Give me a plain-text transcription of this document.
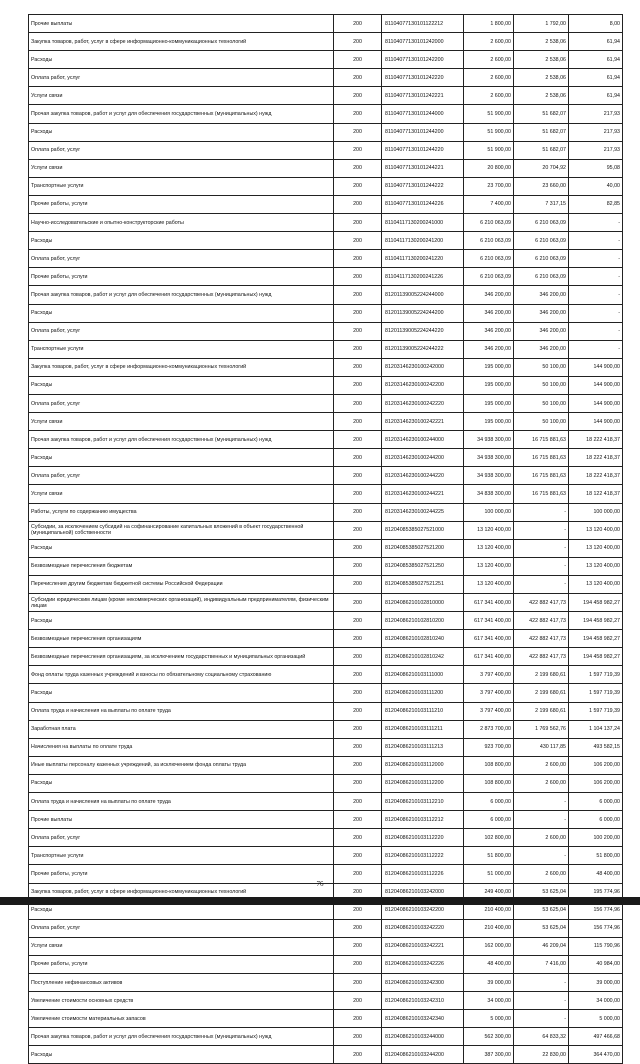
Прочие выплаты	200	81104077130101122212	1 800,00	1 792,00	8,00
Закупка товаров, работ, услуг в сфере информационно-коммуникационных технологий	200	81104077130101242000	2 600,00	2 538,06	61,94
Расходы	200	81104077130101242200	2 600,00	2 538,06	61,94
Оплата работ, услуг	200	81104077130101242220	2 600,00	2 538,06	61,94
Услуги связи	200	81104077130101242221	2 600,00	2 538,06	61,94
Прочая закупка товаров, работ и услуг для обеспечения государственных (муниципальных) нужд	200	81104077130101244000	51 900,00	51 682,07	217,93
Расходы	200	81104077130101244200	51 900,00	51 682,07	217,93
Оплата работ, услуг	200	81104077130101244220	51 900,00	51 682,07	217,93
Услуги связи	200	81104077130101244221	20 800,00	20 704,92	95,08
Транспортные услуги	200	81104077130101244222	23 700,00	23 660,00	40,00
Прочие работы, услуги	200	81104077130101244226	7 400,00	7 317,15	82,85
Научно-исследовательские и опытно-конструкторские работы	200	81104117130200241000	6 210 063,09	6 210 063,09	-
Расходы	200	81104117130200241200	6 210 063,09	6 210 063,09	-
Оплата работ, услуг	200	81104117130200241220	6 210 063,09	6 210 063,09	-
Прочие работы, услуги	200	81104117130200241226	6 210 063,09	6 210 063,09	-
Прочая закупка товаров, работ и услуг для обеспечения государственных (муниципальных) нужд	200	81201139005224244000	346 200,00	346 200,00	-
Расходы	200	81201139005224244200	346 200,00	346 200,00	-
Оплата работ, услуг	200	81201139005224244220	346 200,00	346 200,00	-
Транспортные услуги	200	81201139005224244222	346 200,00	346 200,00	-
Закупка товаров, работ, услуг в сфере информационно-коммуникационных технологий	200	81203146230100242000	195 000,00	50 100,00	144 900,00
Расходы	200	81203146230100242200	195 000,00	50 100,00	144 900,00
Оплата работ, услуг	200	81203146230100242220	195 000,00	50 100,00	144 900,00
Услуги связи	200	81203146230100242221	195 000,00	50 100,00	144 900,00
Прочая закупка товаров, работ и услуг для обеспечения государственных (муниципальных) нужд	200	81203146230100244000	34 938 300,00	16 715 881,63	18 222 418,37
Расходы	200	81203146230100244200	34 938 300,00	16 715 881,63	18 222 418,37
Оплата работ, услуг	200	81203146230100244220	34 938 300,00	16 715 881,63	18 222 418,37
Услуги связи	200	81203146230100244221	34 838 300,00	16 715 881,63	18 122 418,37
Работы, услуги по содержанию имущества	200	81203146230100244225	100 000,00	-	100 000,00
Субсидии, за исключением субсидий на софинансирование капитальных вложений в объект государственной (муниципальной) собственности	200	81204085385027521000	13 120 400,00	-	13 120 400,00
Расходы	200	81204085385027521200	13 120 400,00	-	13 120 400,00
Безвозмездные перечисления бюджетам	200	81204085385027521250	13 120 400,00	-	13 120 400,00
Перечисления другим бюджетам бюджетной системы Российской Федерации	200	81204085385027521251	13 120 400,00	-	13 120 400,00
Субсидии юридическим лицам (кроме некоммерческих организаций), индивидуальным предпринимателям, физическим лицам	200	81204086210102810000	617 341 400,00	422 882 417,73	194 458 982,27
Расходы	200	81204086210102810200	617 341 400,00	422 882 417,73	194 458 982,27
Безвозмездные перечисления организациям	200	81204086210102810240	617 341 400,00	422 882 417,73	194 458 982,27
Безвозмездные перечисления организациям, за исключением государственных и муниципальных организаций	200	81204086210102810242	617 341 400,00	422 882 417,73	194 458 982,27
Фонд оплаты труда казенных учреждений и взносы по обязательному социальному страхованию	200	81204086210103111000	3 797 400,00	2 199 680,61	1 597 719,39
Расходы	200	81204086210103111200	3 797 400,00	2 199 680,61	1 597 719,39
Оплата труда и начисления на выплаты по оплате труда	200	81204086210103111210	3 797 400,00	2 199 680,61	1 597 719,39
Заработная плата	200	81204086210103111211	2 873 700,00	1 769 562,76	1 104 137,24
Начисления на выплаты по оплате труда	200	81204086210103111213	923 700,00	430 117,85	493 582,15
Иные выплаты персоналу казенных учреждений, за исключением фонда оплаты труда	200	81204086210103112000	108 800,00	2 600,00	106 200,00
Расходы	200	81204086210103112200	108 800,00	2 600,00	106 200,00
Оплата труда и начисления на выплаты по оплате труда	200	81204086210103112210	6 000,00	-	6 000,00
Прочие выплаты	200	81204086210103112212	6 000,00	-	6 000,00
Оплата работ, услуг	200	81204086210103112220	102 800,00	2 600,00	100 200,00
Транспортные услуги	200	81204086210103112222	51 800,00	-	51 800,00
Прочие работы, услуги	200	81204086210103112226	51 000,00	2 600,00	48 400,00
Закупка товаров, работ, услуг в сфере информационно-коммуникационных технологий	200	81204086210103242000	249 400,00	53 625,04	195 774,96
Расходы	200	81204086210103242200	210 400,00	53 625,04	156 774,96
Оплата работ, услуг	200	81204086210103242220	210 400,00	53 625,04	156 774,96
Услуги связи	200	81204086210103242221	162 000,00	46 209,04	115 790,96
Прочие работы, услуги	200	81204086210103242226	48 400,00	7 416,00	40 984,00
Поступление нефинансовых активов	200	81204086210103242300	39 000,00	-	39 000,00
Увеличение стоимости основных средств	200	81204086210103242310	34 000,00	-	34 000,00
Увеличение стоимости материальных запасов	200	81204086210103242340	5 000,00	-	5 000,00
Прочая закупка товаров, работ и услуг для обеспечения государственных (муниципальных) нужд	200	81204086210103244000	562 300,00	64 833,32	497 466,68
Расходы	200	81204086210103244200	387 300,00	22 830,00	364 470,00
76
